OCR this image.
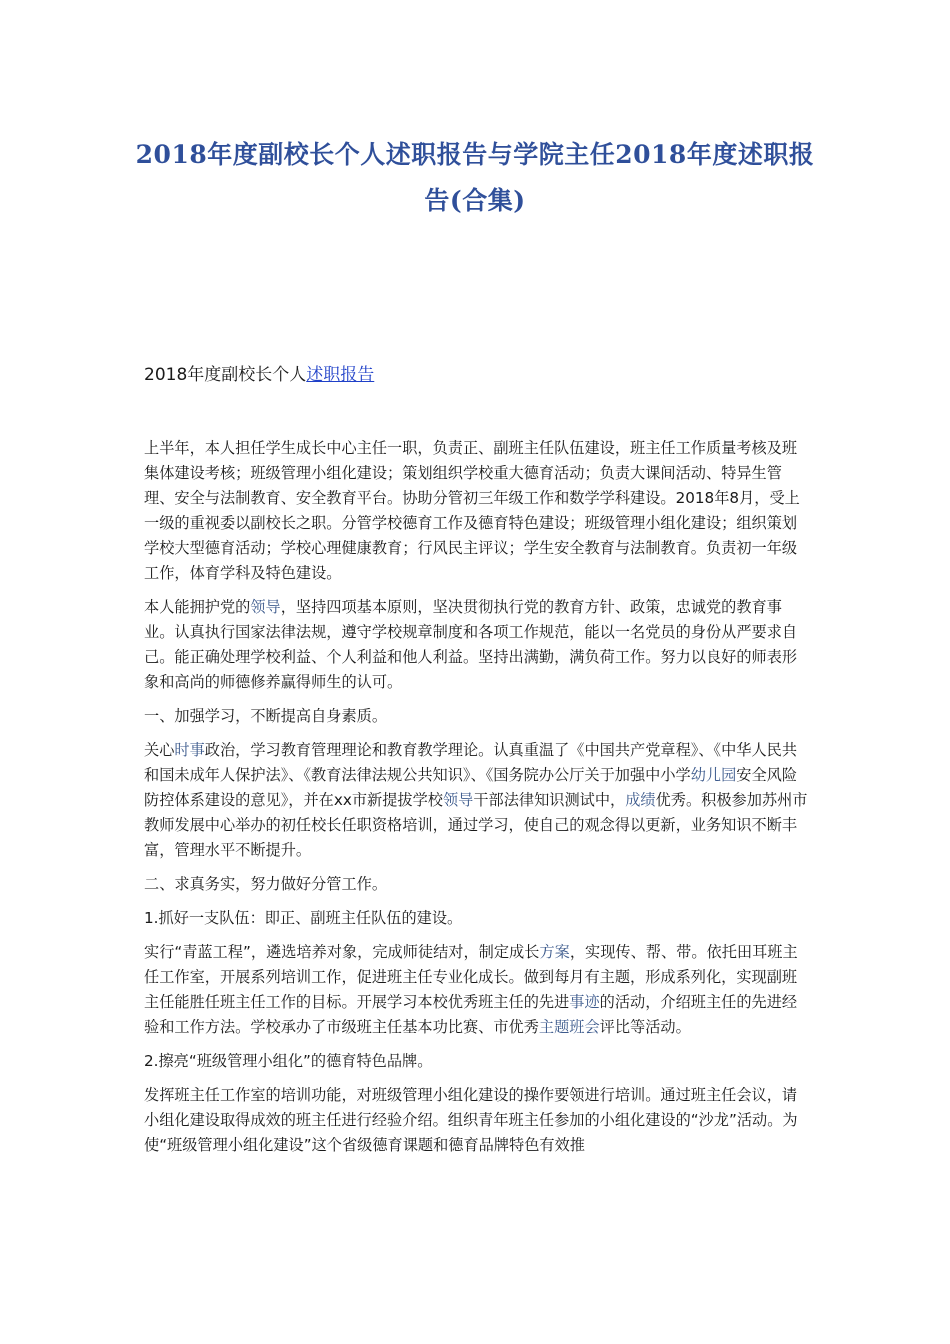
2018年度副校长个人述职报告与学院主任2018年度述职报告(合集)
2018年度副校长个人述职报告

上半年，本人担任学生成长中心主任一职，负责正、副班主任队伍建设，班主任工作质量考核及班集体建设考核；班级管理小组化建设；策划组织学校重大德育活动；负责大课间活动、特异生管理、安全与法制教育、安全教育平台。协助分管初三年级工作和数学学科建设。2018年8月，受上一级的重视委以副校长之职。分管学校德育工作及德育特色建设；班级管理小组化建设；组织策划学校大型德育活动；学校心理健康教育；行风民主评议；学生安全教育与法制教育。负责初一年级工作，体育学科及特色建设。

本人能拥护党的领导，坚持四项基本原则，坚决贯彻执行党的教育方针、政策，忠诚党的教育事业。认真执行国家法律法规，遵守学校规章制度和各项工作规范，能以一名党员的身份从严要求自己。能正确处理学校利益、个人利益和他人利益。坚持出满勤，满负荷工作。努力以良好的师表形象和高尚的师德修养赢得师生的认可。

一、加强学习，不断提高自身素质。

关心时事政治，学习教育管理理论和教育教学理论。认真重温了《中国共产党章程》、《中华人民共和国未成年人保护法》、《教育法律法规公共知识》、《国务院办公厅关于加强中小学幼儿园安全风险防控体系建设的意见》，并在xx市新提拔学校领导干部法律知识测试中，成绩优秀。积极参加苏州市教师发展中心举办的初任校长任职资格培训，通过学习，使自己的观念得以更新，业务知识不断丰富，管理水平不断提升。

二、求真务实，努力做好分管工作。

1.抓好一支队伍：即正、副班主任队伍的建设。

实行“青蓝工程”，遴选培养对象，完成师徒结对，制定成长方案，实现传、帮、带。依托田耳班主任工作室，开展系列培训工作，促进班主任专业化成长。做到每月有主题，形成系列化，实现副班主任能胜任班主任工作的目标。开展学习本校优秀班主任的先进事迹的活动，介绍班主任的先进经验和工作方法。学校承办了市级班主任基本功比赛、市优秀主题班会评比等活动。

2.擦亮“班级管理小组化”的德育特色品牌。

发挥班主任工作室的培训功能，对班级管理小组化建设的操作要领进行培训。通过班主任会议，请小组化建设取得成效的班主任进行经验介绍。组织青年班主任参加的小组化建设的“沙龙”活动。为使“班级管理小组化建设”这个省级德育课题和德育品牌特色有效推
